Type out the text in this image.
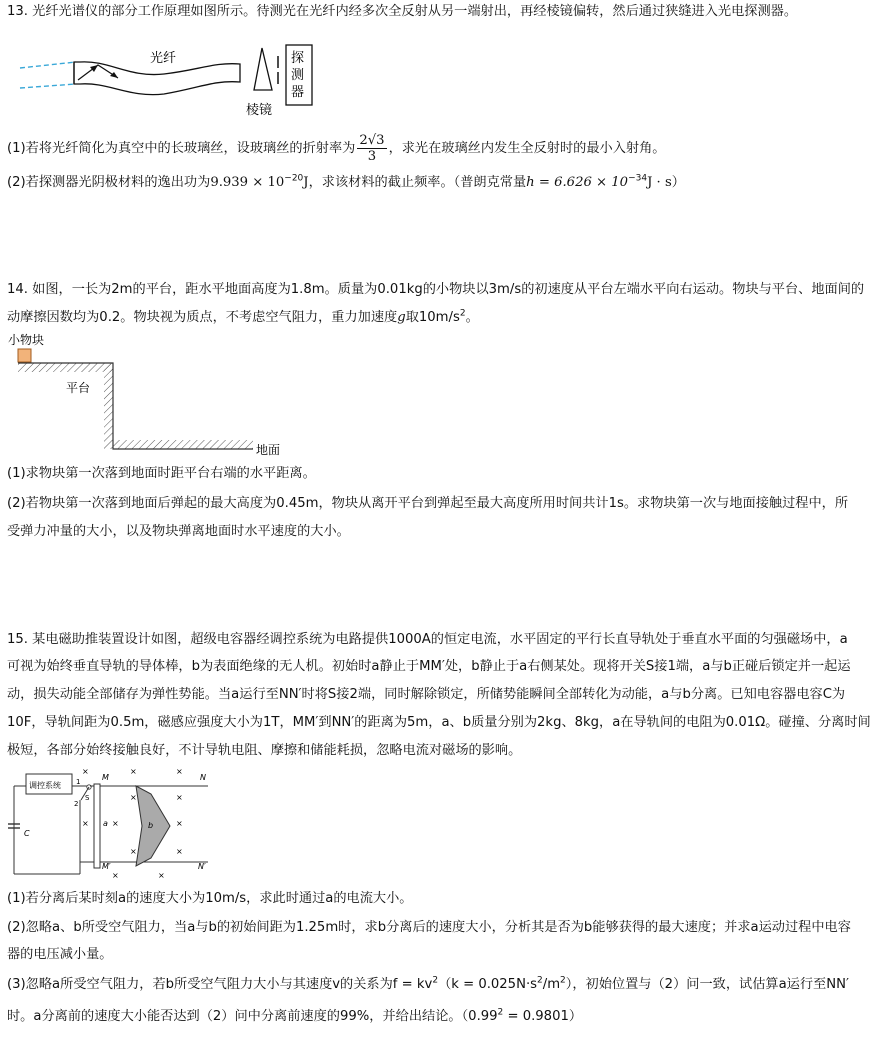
13. 光纤光谱仪的部分工作原理如图所示。待测光在光纤内经多次全反射从另一端射出，再经棱镜偏转，然后通过狭缝进入光电探测器。
光纤
棱镜
探
测
器
(1)若将光纤简化为真空中的长玻璃丝，设玻璃丝的折射率为 $\frac{2√3}{3}$ ，求光在玻璃丝内发生全反射时的最小入射角。
(2)若探测器光阴极材料的逸出功为$9.939 \times 10^{-20}J$，求该材料的截止频率。（普朗克常量$h = 6.626 \times 10^{-34}J \cdot s$）
14. 如图，一长为2m的平台，距水平地面高度为1.8m。质量为0.01kg的小物块以3m/s的初速度从平台左端水平向右运动。物块与平台、地面间的
动摩擦因数均为0.2。物块视为质点，不考虑空气阻力，重力加速度g取$10m/s^2$。
小物块
平台
地面
(1)求物块第一次落到地面时距平台右端的水平距离。
(2)若物块第一次落到地面后弹起的最大高度为0.45m，物块从离开平台到弹起至最大高度所用时间共计1s。求物块第一次与地面接触过程中，所
受弹力冲量的大小，以及物块弹离地面时水平速度的大小。
15. 某电磁助推装置设计如图，超级电容器经调控系统为电路提供1000A的恒定电流，水平固定的平行长直导轨处于垂直水平面的匀强磁场中，a
可视为始终垂直导轨的导体棒，b为表面绝缘的无人机。初始时a静止于MM′处，b静止于a右侧某处。现将开关S接1端，a与b正碰后锁定并一起运
动，损失动能全部储存为弹性势能。当a运行至NN′时将S接2端，同时解除锁定，所储势能瞬间全部转化为动能，a与b分离。已知电容器电容C为
10F，导轨间距为0.5m，磁感应强度大小为1T，MM′到NN′的距离为5m，a、b质量分别为2kg、8kg，a在导轨间的电阻为0.01Ω。碰撞、分离时间
极短，各部分始终接触良好，不计导轨电阻、摩擦和储能耗损，忽略电流对磁场的影响。
调控系统
C
1
2
S
M	N
M′	N′
a	b
×	×	×
×	×
×	×	×
×	×
×	×
(1)若分离后某时刻a的速度大小为10m/s，求此时通过a的电流大小。
(2)忽略a、b所受空气阻力，当a与b的初始间距为1.25m时，求b分离后的速度大小，分析其是否为b能够获得的最大速度；并求a运动过程中电容
器的电压减小量。
(3)忽略a所受空气阻力，若b所受空气阻力大小与其速度v的关系为$f = kv^2(k = 0.025N\cdot s^2/m^2)$，初始位置与（2）问一致，试估算a运行至NN′
时。a分离前的速度大小能否达到（2）问中分离前速度的99%，并给出结论。$(0.99^2 = 0.9801)$
